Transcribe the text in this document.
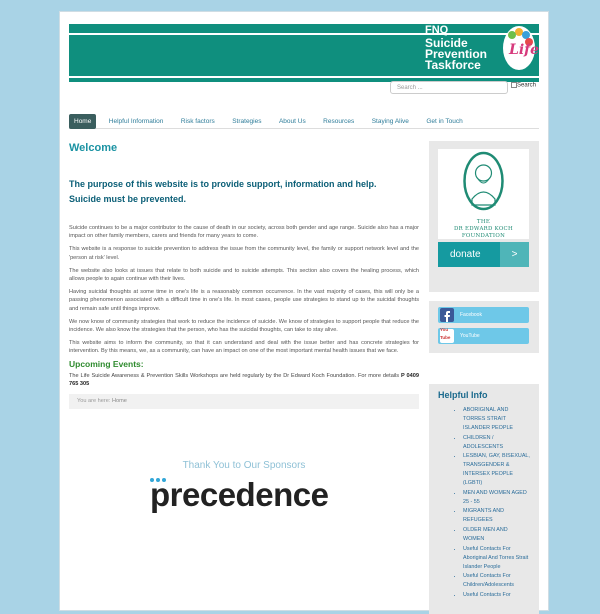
FNQ
Suicide
Prevention
Taskforce
Life
Search ...	Search
Home	Helpful Information	Risk factors	Strategies	About Us	Resources	Staying Alive	Get in Touch
Welcome
The purpose of this website is to provide support, information and help.
Suicide must be prevented.

Suicide continues to be a major contributor to the cause of death in our society, across both gender and age range. Suicide also has a major impact on other family members, carers and friends for many years to come.

This website is a response to suicide prevention to address the issue from the community level, the family or support network level and the 'person at risk' level.

The website also looks at issues that relate to both suicide and to suicide attempts. This section also covers the healing process, which allows people to again continue with their lives.

Having suicidal thoughts at some time in one's life is a reasonably common occurrence. In the vast majority of cases, this will only be a passing phenomenon associated with a difficult time in one's life. In most cases, people use strategies to stand up to the suicidal thoughts and remain safe until things improve.

We now know of community strategies that work to reduce the incidence of suicide. We know of strategies to support people that reduce the incidence. We also know the strategies that the person, who has the suicidal thoughts, can take to stay alive.

This website aims to inform the community, so that it can understand and deal with the issue better and has concrete strategies for intervention. By this means, we, as a community, can have an impact on one of the most important mental health issues that we face.

Upcoming Events:
The Life Suicide Awareness & Prevention Skills Workshops are held regularly by the Dr Edward Koch Foundation. For more details P 0409 765 305
You are here: Home
Thank You to Our Sponsors
precedence
THE
DR EDWARD KOCH
FOUNDATION
donate	>
Facebook
You Tube	YouTube
Helpful Info
• ABORIGINAL AND TORRES STRAIT ISLANDER PEOPLE
• CHILDREN / ADOLESCENTS
• LESBIAN, GAY, BISEXUAL, TRANSGENDER & INTERSEX PEOPLE (LGBTI)
• MEN AND WOMEN AGED 25 - 55
• MIGRANTS AND REFUGEES
• OLDER MEN AND WOMEN
• Useful Contacts For Aboriginal And Torres Strait Islander People
• Useful Contacts For Children/Adolescents
• Useful Contacts For
